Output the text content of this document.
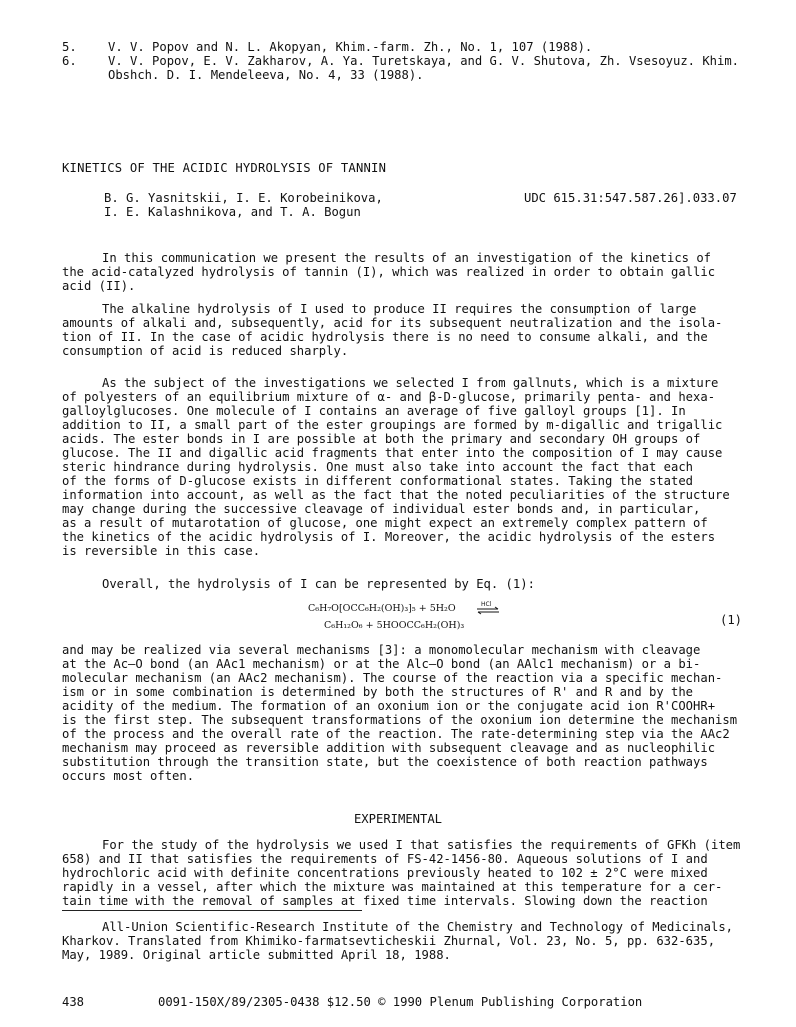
5.	V. V. Popov and N. L. Akopyan, Khim.-farm. Zh., No. 1, 107 (1988).
6.	V. V. Popov, E. V. Zakharov, A. Ya. Turetskaya, and G. V. Shutova, Zh. Vsesoyuz. Khim. Obshch. D. I. Mendeleeva, No. 4, 33 (1988).
KINETICS OF THE ACIDIC HYDROLYSIS OF TANNIN
B. G. Yasnitskii, I. E. Korobeinikova,
I. E. Kalashnikova, and T. A. Bogun
UDC 615.31:547.587.26].033.07
In this communication we present the results of an investigation of the kinetics of
the acid-catalyzed hydrolysis of tannin (I), which was realized in order to obtain gallic
acid (II).
The alkaline hydrolysis of I used to produce II requires the consumption of large
amounts of alkali and, subsequently, acid for its subsequent neutralization and the isola-
tion of II. In the case of acidic hydrolysis there is no need to consume alkali, and the
consumption of acid is reduced sharply.
As the subject of the investigations we selected I from gallnuts, which is a mixture
of polyesters of an equilibrium mixture of α- and β-D-glucose, primarily penta- and hexa-
galloylglucoses. One molecule of I contains an average of five galloyl groups [1]. In
addition to II, a small part of the ester groupings are formed by m-digallic and trigallic
acids. The ester bonds in I are possible at both the primary and secondary OH groups of
glucose. The II and digallic acid fragments that enter into the composition of I may cause
steric hindrance during hydrolysis. One must also take into account the fact that each
of the forms of D-glucose exists in different conformational states. Taking the stated
information into account, as well as the fact that the noted peculiarities of the structure
may change during the successive cleavage of individual ester bonds and, in particular,
as a result of mutarotation of glucose, one might expect an extremely complex pattern of
the kinetics of the acidic hydrolysis of I. Moreover, the acidic hydrolysis of the esters
is reversible in this case.
Overall, the hydrolysis of I can be represented by Eq. (1):
C₆H₇O[OCC₆H₂(OH)₃]₅ + 5H₂O	HCl
C₆H₁₂O₆ + 5HOOCC₆H₂(OH)₃	(1)
and may be realized via several mechanisms [3]: a monomolecular mechanism with cleavage
at the Ac–O bond (an AAc1 mechanism) or at the Alc–O bond (an AAlc1 mechanism) or a bi-
molecular mechanism (an AAc2 mechanism). The course of the reaction via a specific mechan-
ism or in some combination is determined by both the structures of R' and R and by the
acidity of the medium. The formation of an oxonium ion or the conjugate acid ion R'COOHR+
is the first step. The subsequent transformations of the oxonium ion determine the mechanism
of the process and the overall rate of the reaction. The rate-determining step via the AAc2
mechanism may proceed as reversible addition with subsequent cleavage and as nucleophilic
substitution through the transition state, but the coexistence of both reaction pathways
occurs most often.
EXPERIMENTAL
For the study of the hydrolysis we used I that satisfies the requirements of GFKh (item
658) and II that satisfies the requirements of FS-42-1456-80. Aqueous solutions of I and
hydrochloric acid with definite concentrations previously heated to 102 ± 2°C were mixed
rapidly in a vessel, after which the mixture was maintained at this temperature for a cer-
tain time with the removal of samples at fixed time intervals. Slowing down the reaction
All-Union Scientific-Research Institute of the Chemistry and Technology of Medicinals,
Kharkov. Translated from Khimiko-farmatsevticheskii Zhurnal, Vol. 23, No. 5, pp. 632-635,
May, 1989. Original article submitted April 18, 1988.
438	0091-150X/89/2305-0438 $12.50 © 1990 Plenum Publishing Corporation
